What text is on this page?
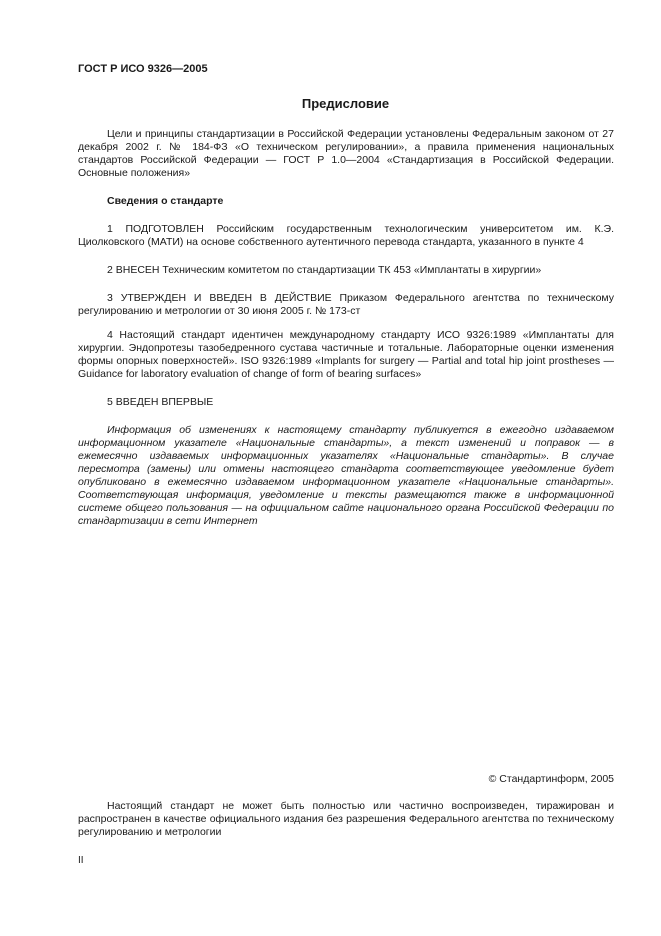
ГОСТ Р ИСО 9326—2005
Предисловие

Цели и принципы стандартизации в Российской Федерации установлены Федеральным законом от 27 декабря 2002 г. № 184-ФЗ «О техническом регулировании», а правила применения национальных стандартов Российской Федерации — ГОСТ Р 1.0—2004 «Стандартизация в Российской Федерации. Основные положения»

Сведения о стандарте

1 ПОДГОТОВЛЕН Российским государственным технологическим университетом им. К.Э. Циолковского (МАТИ) на основе собственного аутентичного перевода стандарта, указанного в пункте 4

2 ВНЕСЕН Техническим комитетом по стандартизации ТК 453 «Имплантаты в хирургии»

3 УТВЕРЖДЕН И ВВЕДЕН В ДЕЙСТВИЕ Приказом Федерального агентства по техническому регулированию и метрологии от 30 июня 2005 г. № 173-ст

4 Настоящий стандарт идентичен международному стандарту ИСО 9326:1989 «Имплантаты для хирургии. Эндопротезы тазобедренного сустава частичные и тотальные. Лабораторные оценки изменения формы опорных поверхностей». ISO 9326:1989 «Implants for surgery — Partial and total hip joint prostheses — Guidance for laboratory evaluation of change of form of bearing surfaces»

5 ВВЕДЕН ВПЕРВЫЕ

Информация об изменениях к настоящему стандарту публикуется в ежегодно издаваемом информационном указателе «Национальные стандарты», а текст изменений и поправок — в ежемесячно издаваемых информационных указателях «Национальные стандарты». В случае пересмотра (замены) или отмены настоящего стандарта соответствующее уведомление будет опубликовано в ежемесячно издаваемом информационном указателе «Национальные стандарты». Соответствующая информация, уведомление и тексты размещаются также в информационной системе общего пользования — на официальном сайте национального органа Российской Федерации по стандартизации в сети Интернет

© Стандартинформ, 2005

Настоящий стандарт не может быть полностью или частично воспроизведен, тиражирован и распространен в качестве официального издания без разрешения Федерального агентства по техническому регулированию и метрологии

II
